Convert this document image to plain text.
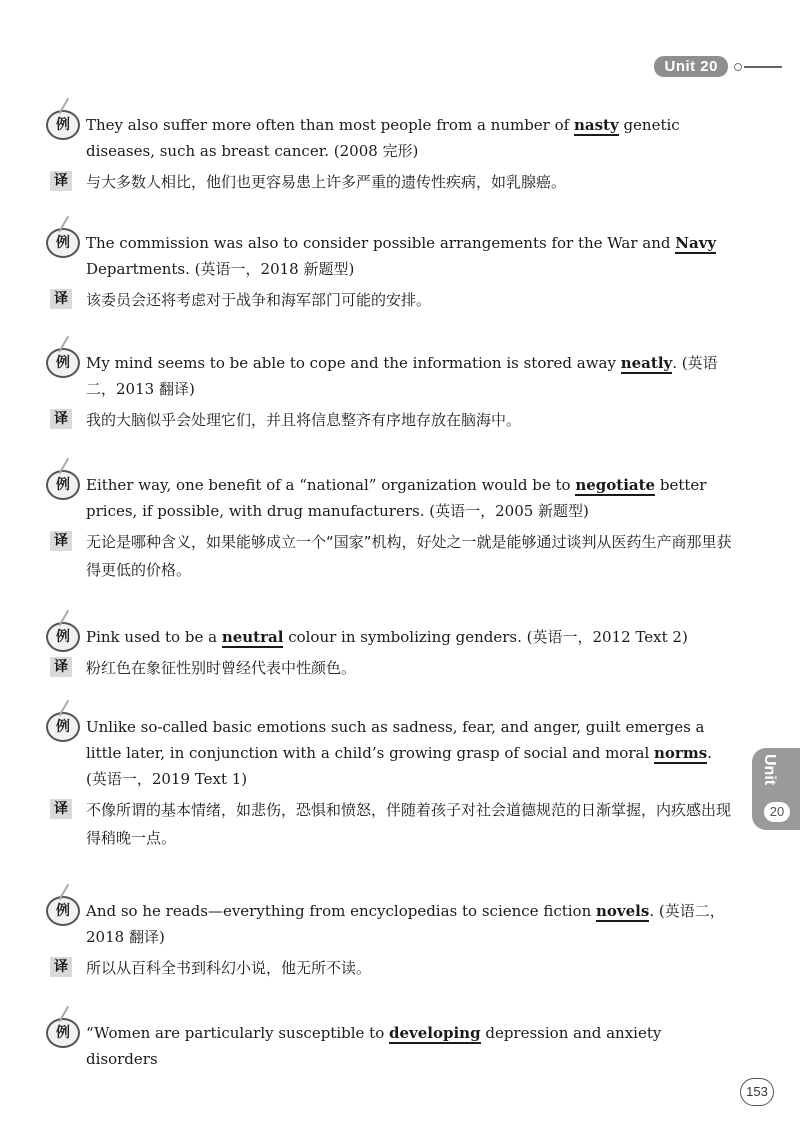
Unit 20
Unit
20
例	They also suffer more often than most people from a number of nasty genetic diseases, such as breast cancer. (2008 完形)
译 与大多数人相比，他们也更容易患上许多严重的遗传性疾病，如乳腺癌。
例	The commission was also to consider possible arrangements for the War and Navy Departments. (英语一，2018 新题型)
译 该委员会还将考虑对于战争和海军部门可能的安排。
例	My mind seems to be able to cope and the information is stored away neatly. (英语二，2013 翻译)
译 我的大脑似乎会处理它们，并且将信息整齐有序地存放在脑海中。
例	Either way, one benefit of a “national” organization would be to negotiate better prices, if possible, with drug manufacturers. (英语一，2005 新题型)
译 无论是哪种含义，如果能够成立一个“国家”机构，好处之一就是能够通过谈判从医药生产商那里获得更低的价格。
例	Pink used to be a neutral colour in symbolizing genders. (英语一，2012 Text 2)
译 粉红色在象征性别时曾经代表中性颜色。
例	Unlike so-called basic emotions such as sadness, fear, and anger, guilt emerges a little later, in conjunction with a child’s growing grasp of social and moral norms. (英语一，2019 Text 1)
译 不像所谓的基本情绪，如悲伤，恐惧和愤怒，伴随着孩子对社会道德规范的日渐掌握，内疚感出现得稍晚一点。
例	And so he reads—everything from encyclopedias to science fiction novels. (英语二，2018 翻译)
译 所以从百科全书到科幻小说，他无所不读。
例	“Women are particularly susceptible to developing depression and anxiety disorders
153
